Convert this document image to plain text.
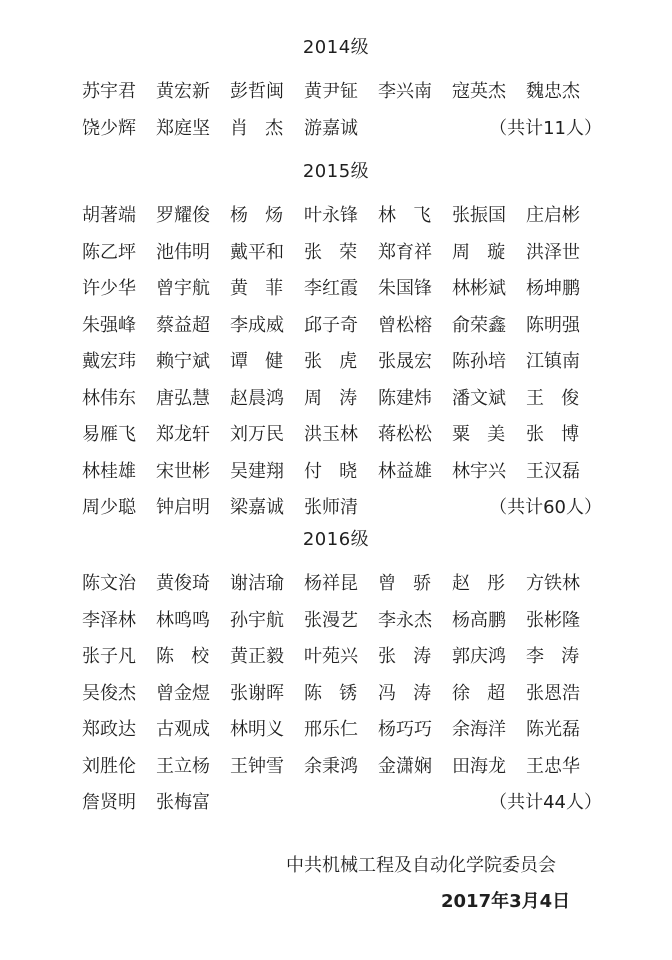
2014级
苏宇君	黄宏新	彭哲闽	黄尹钲	李兴南	寇英杰	魏忠杰
饶少辉	郑庭坚	肖杰 游嘉诚	（共计11人）
2015级
胡著端	罗耀俊	杨炀 叶永锋	林飞 张振国	庄启彬
陈乙坪	池伟明	戴平和	张荣 郑育祥	周璇 洪泽世
许少华	曾宇航	黄菲 李红霞	朱国锋	林彬斌	杨坤鹏
朱强峰	蔡益超	李成威	邱子奇	曾松榕	俞荣鑫	陈明强
戴宏玮	赖宁斌	谭健 张虎 张晟宏	陈孙培	江镇南
林伟东	唐弘慧	赵晨鸿	周涛 陈建炜	潘文斌	王俊
易雁飞	郑龙轩	刘万民	洪玉林	蒋松松	粟美 张博
林桂雄	宋世彬	吴建翔	付晓 林益雄	林宇兴	王汉磊
周少聪	钟启明	梁嘉诚	张师清	（共计60人）
2016级
陈文治	黄俊琦	谢洁瑜	杨祥昆	曾骄 赵彤 方铁林
李泽林	林鸣鸣	孙宇航	张漫艺	李永杰	杨高鹏	张彬隆
张子凡	陈校 黄正毅	叶苑兴	张涛 郭庆鸿	李涛
吴俊杰	曾金煜	张谢晖	陈锈 冯涛 徐超 张恩浩
郑政达	古观成	林明义	邢乐仁	杨巧巧	余海洋	陈光磊
刘胜伦	王立杨	王钟雪	余秉鸿	金潇娴	田海龙	王忠华
詹贤明	张梅富	（共计44人）
中共机械工程及自动化学院委员会
2017年3月4日
